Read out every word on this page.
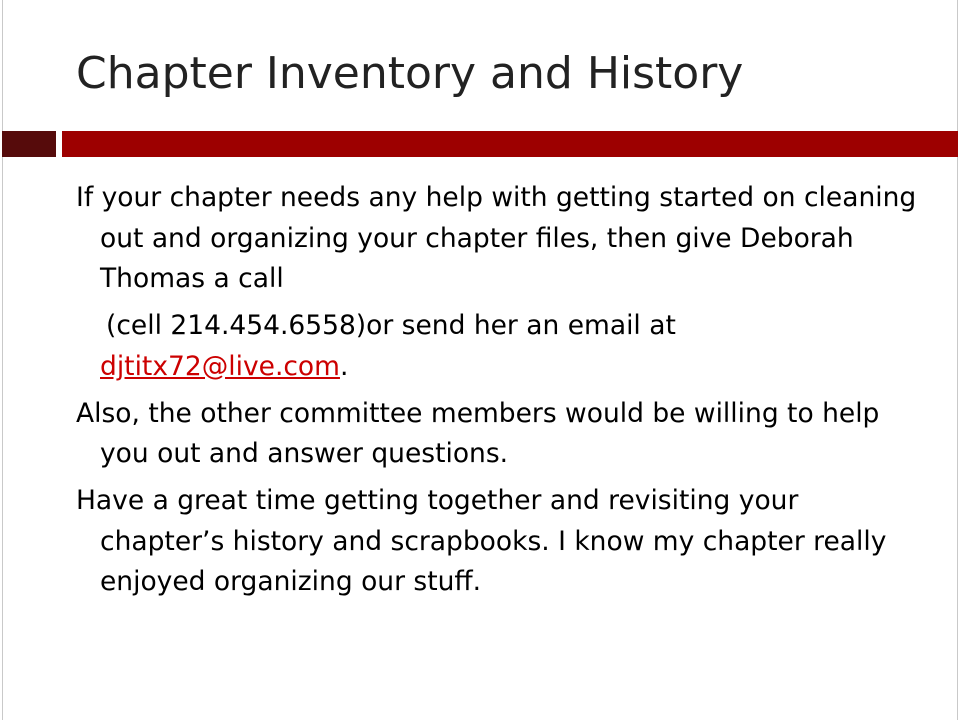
Chapter Inventory and History

If your chapter needs any help with getting started on cleaning out and organizing your chapter files, then give Deborah Thomas a call

(cell 214.454.6558)or send her an email at djtitx72@live.com.

Also, the other committee members would be willing to help you out and answer questions.

Have a great time getting together and revisiting your chapter’s history and scrapbooks. I know my chapter really enjoyed organizing our stuff.
